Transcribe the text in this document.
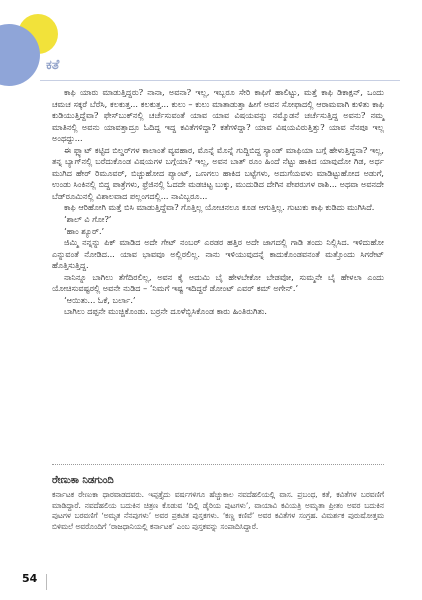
ಕತೆ

ಕಾಫಿ ಯಾರು ಮಾಡುತ್ತಿದ್ದರು? ನಾನಾ, ಅವನಾ? ಇಲ್ಲ, ಇಬ್ಬರೂ ಸೇರಿ ಕಾಫಿಗೆ ಹಾಲಿಟ್ಟು, ಮತ್ತೆ ಕಾಫಿ ಡಿಕಾಕ್ಷನ್, ಒಂದು ಚಮಚ ಸಕ್ಕರೆ ಬೆರೆಸಿ, ಕಲಕುತ್ತ... ಕಲಕುತ್ತ... ಕುಲು – ಕುಲು ಮಾತಾಡುತ್ತಾ ಹೀಗೆ ಅವನ ಸೋಫಾದಲ್ಲಿ ಆರಾಮವಾಗಿ ಕುಳಿತು ಕಾಫಿ ಕುಡಿಯುತ್ತಿದ್ದೆವಾ? ಫೇಸ್‌ಬುಕ್‌ನಲ್ಲಿ ಚರ್ಚೆಸುವಂತೆ ಯಾವ ಯಾವ ವಿಷಯವನ್ನು ನಮ್ಮೊಡನೆ ಚರ್ಚೆಸುತ್ತಿದ್ದ ಅವನು? ನಮ್ಮ ಮಾತಿನಲ್ಲಿ ಅವನು ಯಾವತ್ತಾದ್ರೂ ಓದಿದ್ದ ಇದ್ದ ಕವಿತೆಗಳಿದ್ದಾ? ಕತೆಗಳಿದ್ದಾ? ಯಾವ ವಿಷಯವಿರುತ್ತಿತ್ತು? ಯಾವ ನೆನಪೂ ಇಲ್ಲ ಅಂಥದ್ದು...

ಈ ಫ್ಲ್ಯಾಟ್ ಕಟ್ಟಿದ ಬಿಲ್ಡರ್‌ಗಳ ಕಾಲಾಂತೆ ವ್ಯವಹಾರ, ಮೊನ್ನೆ ಮೊನ್ನೆ ಗುದ್ದಿಬಿದ್ದ ಸ್ಯಾಂಡ್ ಮಾಫಿಯಾ ಬಗ್ಗೆ ಹೇಳುತ್ತಿದ್ದನಾ? ಇಲ್ಲ, ತನ್ನ ಬ್ಯಾಗ್‌ನಲ್ಲಿ ಬರೆದುಕೊಂಡ ವಿಷಯಗಳ ಬಗ್ಗೆಯಾ? ಇಲ್ಲ, ಅವನ ಬಾತ್ ರೂಂ ಹಿಂದೆ ನೆಟ್ಟು ಹಾಕಿದ ಯಾವುದೋ ಗಿಡ, ಅರ್ಧ ಮುಗಿದ ಹೇರ್ ರಿಮೂವರ್, ಬಿಚ್ಚುಹೋದ ಪ್ಯಾಂಟ್, ಒಣಗಲು ಹಾಕಿದ ಬಟ್ಟೆಗಳು, ಅದುಗೆಯವಳು ಮಾಡಿಟ್ಟುಹೋದ ಅಡುಗೆ, ಉಂಡು ಸಿಂಕಿನಲ್ಲಿ ಬಿದ್ದ ಪಾತ್ರೆಗಳು, ಫ್ರೆಜಿನಲ್ಲಿ ಓದದೇ ಮಡಚಿಟ್ಟ ಬುಕ್ಕು, ಮುದುಡಿದ ದೇಗಿನ ಪೇಪರುಗಳ ರಾಶಿ... ಅಥವಾ ಅವನದೇ ಬೆಡ್‌ರೂಮಿನಲ್ಲಿ ವಿಶಾಲವಾದ ಪಲ್ಲಂಗದಲ್ಲಿ... ನಾವಿಬ್ಬರೂ...

ಕಾಫಿ ಆರಿಹೋಗಿ ಮತ್ತೆ ಬಿಸಿ ಮಾಡುತ್ತಿದ್ದೆವಾ? ಗೊತ್ತಿಲ್ಲ ಯೋಚನಲೂ ಕೂಡ ಆಗುತ್ತಿಲ್ಲ. ಗುಟುಕು ಕಾಫಿ ಕುಡಿದು ಮುಗಿಸಿದೆ.

‘ಶಾಲ್ ವಿ ಗೋ?’

‘ಹಾಂ ಶ್ಯೂರ್.’

ಜಿಮ್ಮಿ ನನ್ನನ್ನು ಪಿಕ್ ಮಾಡಿದ ಅದೇ ಗೇಟ್ ನಂಬರ್ ಎರಡರ ಹತ್ತಿರ ಅದೇ ಜಾಗದಲ್ಲಿ ಗಾಡಿ ತಂದು ನಿಲ್ಲಿಸಿದ. ಇಳಿದುಹೋ ಎನ್ನುವಂತೆ ನೋಡಿದ... ಯಾವ ಭಾವವೂ ಅಲ್ಲಿರಲಿಲ್ಲ. ನಾನು ಇಳಿಯುವುದನ್ನೆ ಕಾದುಕೊಂಡವನಂತೆ ಮತ್ತೊಂದು ಸಿಗರೇಟ್ ಹೊತ್ತಿಸುತ್ತಿದ್ದ.

ನಾನಿನ್ನೂ ಬಾಗಿಲು ತೆಗೆದಿರಲಿಲ್ಲ, ಅವನ ಕೈ ಅದುಮಿ ಬೈ ಹೇಳಬೇಕೋ ಬೇಡವೋ, ಸುಮ್ಮನೇ ಬೈ ಹೇಳಲಾ ಎಂದು ಯೋಚಿಸುವಷ್ಟರಲ್ಲಿ ಅವನೇ ನುಡಿದ – ‘ನಿಮಗೆ ಇಷ್ಟ ಇದಿದ್ದರೆ ಡೋಂಟ್ ಎವರ್ ಕಮ್ ಅಗೇನ್.’

‘ಆಯಿತು... ಓಕೆ, ಬರ್ಲಾ.’

ಬಾಗಿಲು ದಪ್ಪನೇ ಮುಚ್ಚಿಕೊಂಡು. ಬರ್ರನೇ ದೂಳೆಬ್ಬಿಸಿಕೊಂಡ ಕಾರು ಹಿಂತಿರುಗಿತು.

ರೇಣುಕಾ ನಿಡಗುಂದಿ
ಕರ್ನಾಟಕ ರೇಣುಕಾ ಧಾರವಾಡದವರು. ಇಪ್ಪತ್ತೈದು ವರ್ಷಗಳಿಗೂ ಹೆಚ್ಚುಕಾಲ ನವದೆಹಲಿಯಲ್ಲಿ ವಾಸ. ಪ್ರಬಂಧ, ಕತೆ, ಕವಿತೆಗಳ ಬರವಣಿಗೆ ಮಾಡಿದ್ದಾರೆ. ನವದೆಹಲಿಯ ಬದುಕಿನ ಚಿತ್ರಣ ಕೊಡುವ ‘ದಿಲ್ಲಿ ಡೈರಿಯ ಪುಟಗಳು’, ವಾಯಾವಿ ಕವಿಯತ್ರಿ ಅಮೃತಾ ಪ್ರೀತಂ ಅವರ ಬದುಕಿನ ಪುಟಗಳ ಬರವಣಿಗೆ ‘ಅಮೃತ ನೆನಪುಗಳು’ ಅವರ ಪ್ರಕಟಿತ ಪುಸ್ತಕಗಳು. ‘ಕಣ್ಣ ಕಣಿವೆ’ ಅವರ ಕವಿತೆಗಳ ಸಂಗ್ರಹ. ವಿಮರ್ಶಕ ಪುರುಷೋತ್ತಮ ಬಿಳಿಮಲೆ ಅವರೊಂದಿಗೆ ‘ರಾಜಧಾನಿಯಲ್ಲಿ ಕರ್ನಾಟಕ’ ಎಂಬ ಪುಸ್ತಕವನ್ನು ಸಂಪಾದಿಸಿದ್ದಾರೆ.
54
